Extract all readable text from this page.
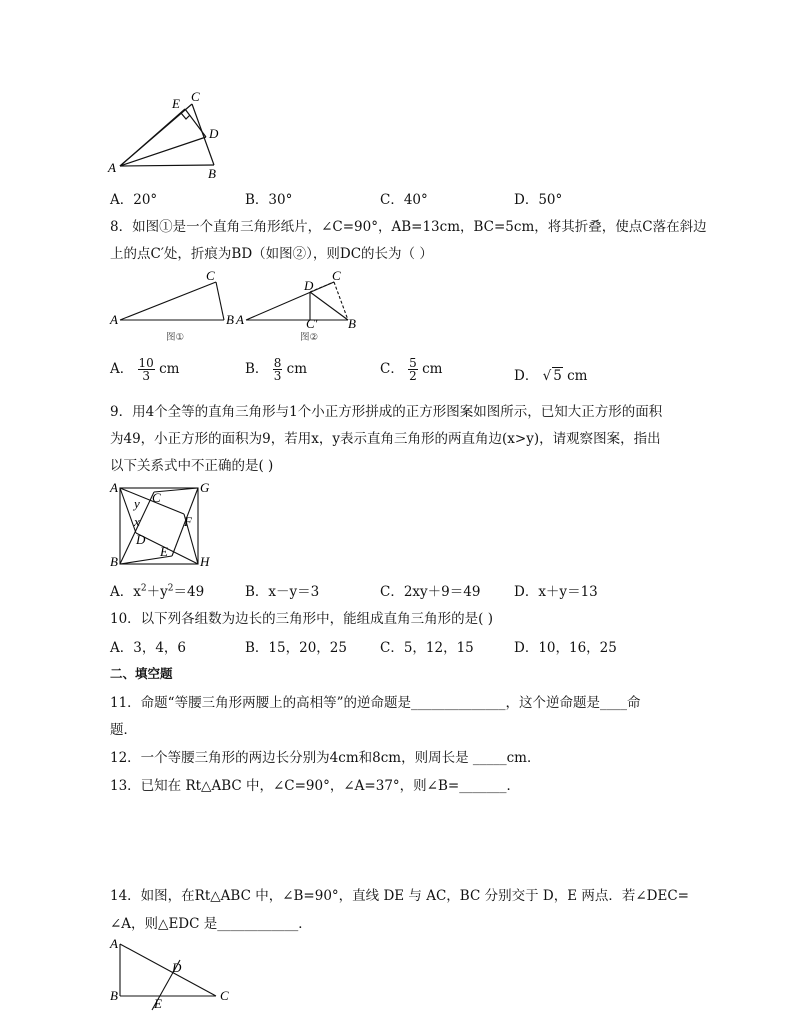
A	B
C
D
E
A．20°	B．30°	C．40°	D．50°
8．如图①是一个直角三角形纸片，∠C=90°，AB=13cm，BC=5cm，将其折叠，使点C落在斜边
上的点C′处，折痕为BD（如图②），则DC的长为（ ）
A	B
C
图①
A	B
C
D
C′
图②
A． $\frac{10}{3}$ cm	B． $\frac{8}{3}$ cm	C． $\frac{5}{2}$ cm	D． √ 5 cm
9．用4个全等的直角三角形与1个小正方形拼成的正方形图案如图所示，已知大正方形的面积
为49，小正方形的面积为9，若用x，y表示直角三角形的两直角边(x>y)，请观察图案，指出
以下关系式中不正确的是( )
A
B
C
D
E
F
G
H
y
x
A．$x^2+y^2=49$	B．x－y＝3	C．2xy＋9＝49 D．x＋y＝13
10．以下列各组数为边长的三角形中，能组成直角三角形的是( )
A．3，4，6	B．15，20，25 C．5，12，15	D．10，16，25
二、填空题
11．命题“等腰三角形两腰上的高相等”的逆命题是______________，这个逆命题是____命
题．
12．一个等腰三角形的两边长分别为4cm和8cm，则周长是 _____cm．
13．已知在 Rt△ABC 中，∠C=90°，∠A=37°，则∠B=_______．
14．如图，在Rt△ABC 中，∠B=90°，直线 DE 与 AC，BC 分别交于 D，E 两点．若∠DEC=
∠A，则△EDC 是____________．
A
B	C
D
E
